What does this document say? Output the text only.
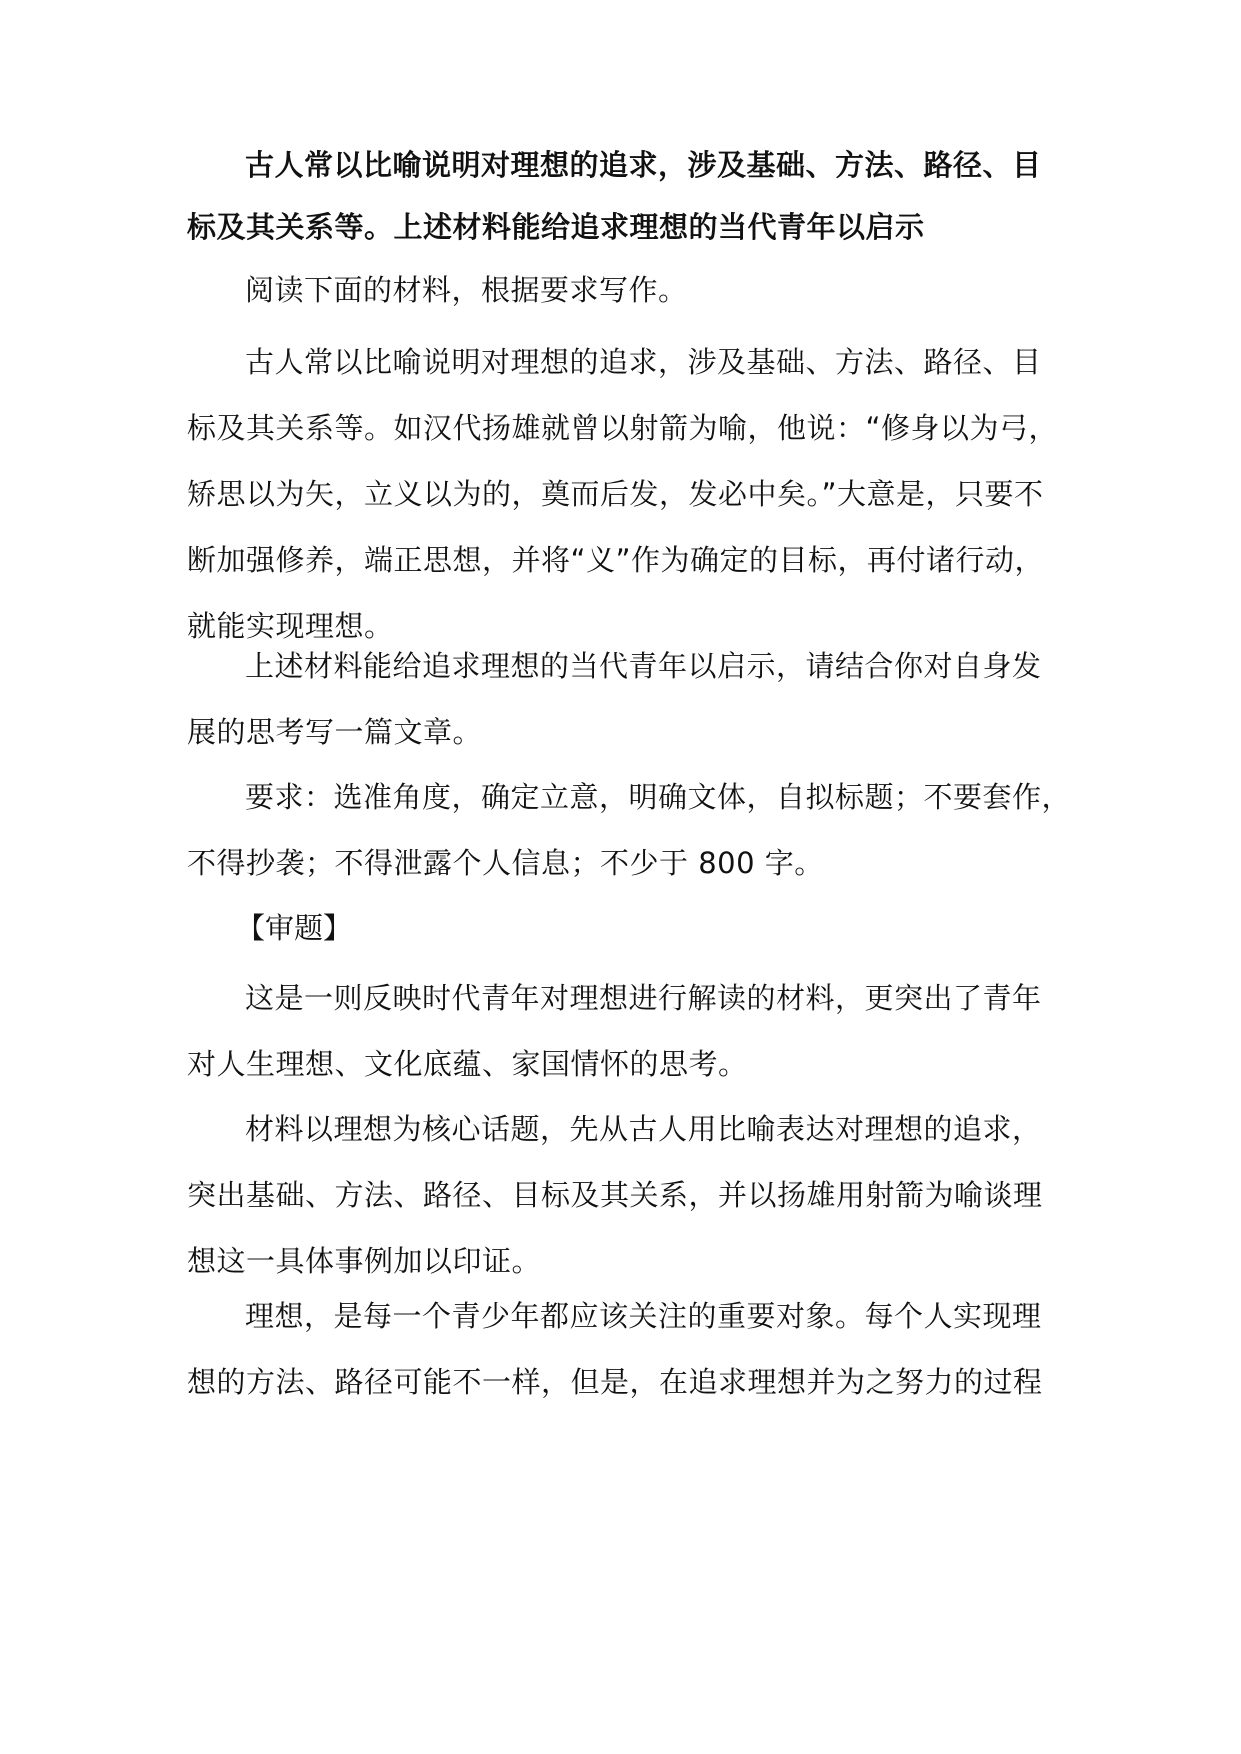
古人常以比喻说明对理想的追求，涉及基础、方法、路径、目
标及其关系等。上述材料能给追求理想的当代青年以启示
阅读下面的材料，根据要求写作。
古人常以比喻说明对理想的追求，涉及基础、方法、路径、目
标及其关系等。如汉代扬雄就曾以射箭为喻，他说：“修身以为弓，
矫思以为矢，立义以为的，奠而后发，发必中矣。”大意是，只要不
断加强修养，端正思想，并将“义”作为确定的目标，再付诸行动，
就能实现理想。
上述材料能给追求理想的当代青年以启示，请结合你对自身发
展的思考写一篇文章。
要求：选准角度，确定立意，明确文体，自拟标题；不要套作，
不得抄袭；不得泄露个人信息；不少于 800 字。
【审题】
这是一则反映时代青年对理想进行解读的材料，更突出了青年
对人生理想、文化底蕴、家国情怀的思考。
材料以理想为核心话题，先从古人用比喻表达对理想的追求，
突出基础、方法、路径、目标及其关系，并以扬雄用射箭为喻谈理
想这一具体事例加以印证。
理想，是每一个青少年都应该关注的重要对象。每个人实现理
想的方法、路径可能不一样，但是，在追求理想并为之努力的过程
